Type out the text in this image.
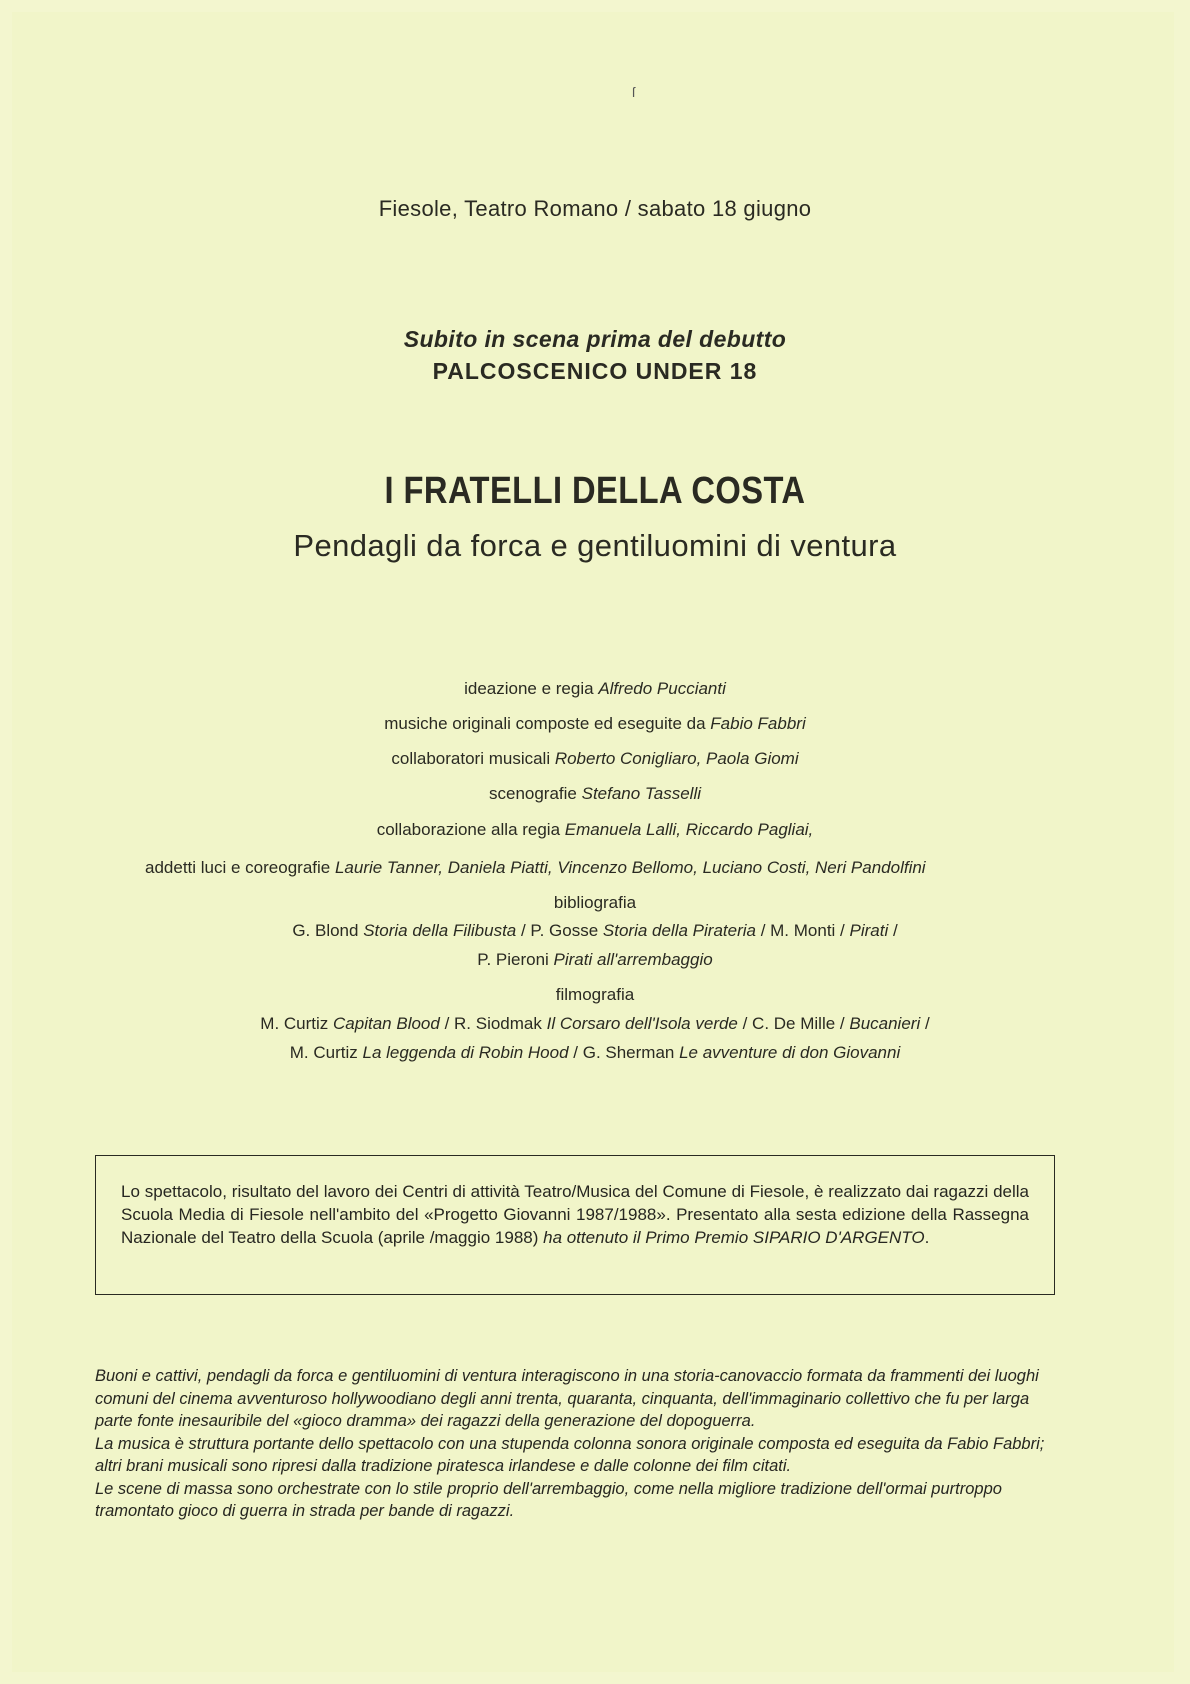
ſ
Fiesole, Teatro Romano / sabato 18 giugno
Subito in scena prima del debutto
PALCOSCENICO UNDER 18
I FRATELLI DELLA COSTA
Pendagli da forca e gentiluomini di ventura
ideazione e regia Alfredo Puccianti
musiche originali composte ed eseguite da Fabio Fabbri
collaboratori musicali Roberto Conigliaro, Paola Giomi
scenografie Stefano Tasselli
collaborazione alla regia Emanuela Lalli, Riccardo Pagliai,
addetti luci e coreografie Laurie Tanner, Daniela Piatti, Vincenzo Bellomo, Luciano Costi, Neri Pandolfini
bibliografia
G. Blond Storia della Filibusta / P. Gosse Storia della Pirateria / M. Monti / Pirati /
P. Pieroni Pirati all'arrembaggio
filmografia
M. Curtiz Capitan Blood / R. Siodmak Il Corsaro dell'Isola verde / C. De Mille / Bucanieri /
M. Curtiz La leggenda di Robin Hood / G. Sherman Le avventure di don Giovanni

Lo spettacolo, risultato del lavoro dei Centri di attività Teatro/Musica del Comune di Fiesole, è realizzato dai ragazzi della Scuola Media di Fiesole nell'ambito del «Progetto Giovanni 1987/1988». Presentato alla sesta edizione della Rassegna Nazionale del Teatro della Scuola (aprile /maggio 1988) ha ottenuto il Primo Premio SIPARIO D'ARGENTO.

Buoni e cattivi, pendagli da forca e gentiluomini di ventura interagiscono in una storia-canovaccio formata da frammenti dei luoghi comuni del cinema avventuroso hollywoodiano degli anni trenta, quaranta, cinquanta, dell'immaginario collettivo che fu per larga parte fonte inesauribile del «gioco dramma» dei ragazzi della generazione del dopoguerra.

La musica è struttura portante dello spettacolo con una stupenda colonna sonora originale composta ed eseguita da Fabio Fabbri; altri brani musicali sono ripresi dalla tradizione piratesca irlandese e dalle colonne dei film citati.

Le scene di massa sono orchestrate con lo stile proprio dell'arrembaggio, come nella migliore tradizione dell'ormai purtroppo tramontato gioco di guerra in strada per bande di ragazzi.
